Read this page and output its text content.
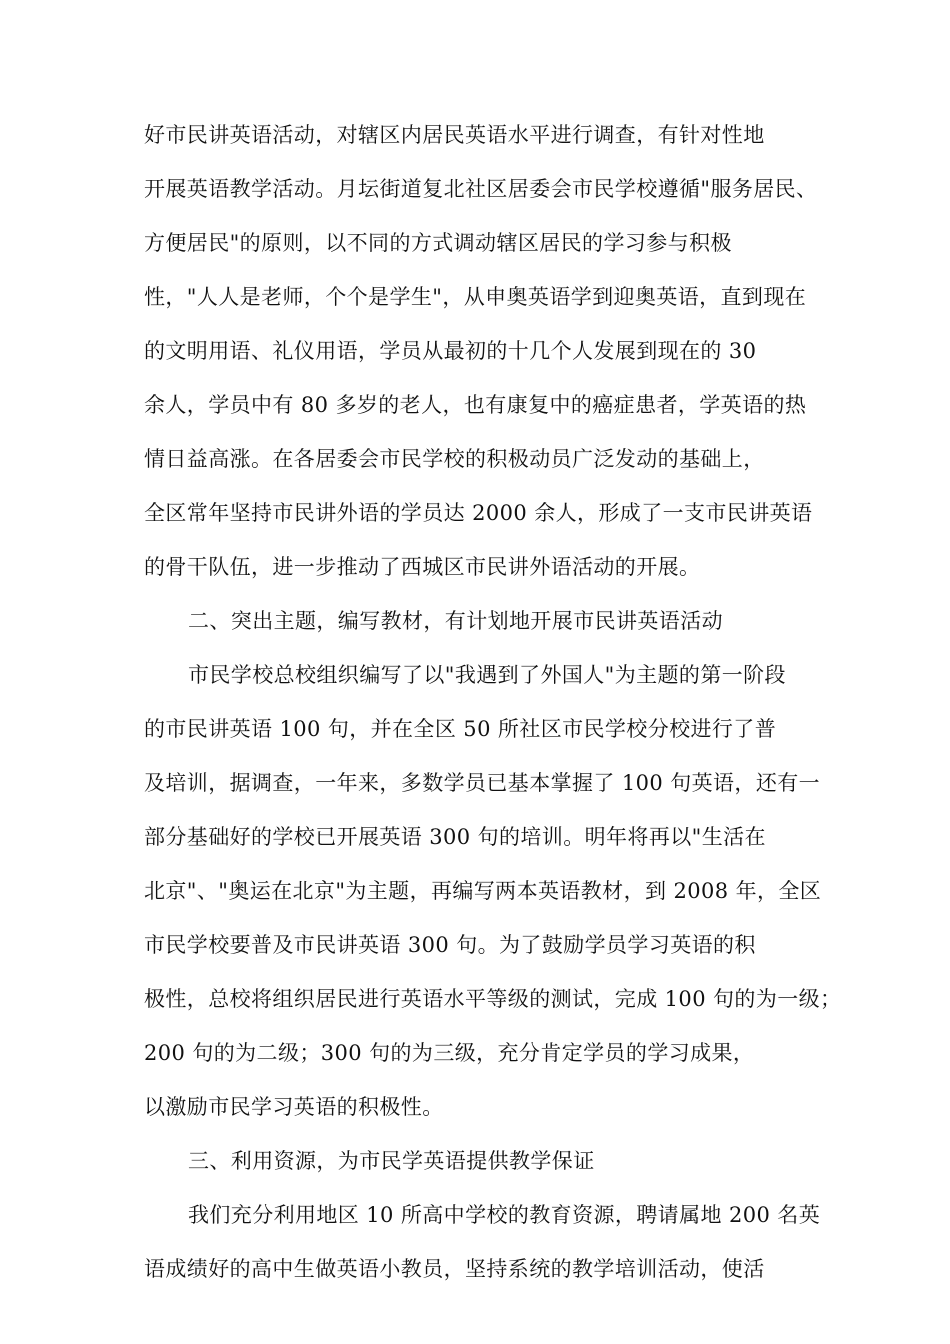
好市民讲英语活动，对辖区内居民英语水平进行调查，有针对性地
开展英语教学活动。月坛街道复北社区居委会市民学校遵循"服务居民、
方便居民"的原则，以不同的方式调动辖区居民的学习参与积极
性，"人人是老师，个个是学生"，从申奥英语学到迎奥英语，直到现在
的文明用语、礼仪用语，学员从最初的十几个人发展到现在的 30
余人，学员中有 80 多岁的老人，也有康复中的癌症患者，学英语的热
情日益高涨。在各居委会市民学校的积极动员广泛发动的基础上，
全区常年坚持市民讲外语的学员达 2000 余人，形成了一支市民讲英语
的骨干队伍，进一步推动了西城区市民讲外语活动的开展。
二、突出主题，编写教材，有计划地开展市民讲英语活动
市民学校总校组织编写了以"我遇到了外国人"为主题的第一阶段
的市民讲英语 100 句，并在全区 50 所社区市民学校分校进行了普
及培训，据调查，一年来，多数学员已基本掌握了 100 句英语，还有一
部分基础好的学校已开展英语 300 句的培训。明年将再以"生活在
北京"、"奥运在北京"为主题，再编写两本英语教材，到 2008 年，全区
市民学校要普及市民讲英语 300 句。为了鼓励学员学习英语的积
极性，总校将组织居民进行英语水平等级的测试，完成 100 句的为一级；
200 句的为二级；300 句的为三级，充分肯定学员的学习成果，
以激励市民学习英语的积极性。
三、利用资源，为市民学英语提供教学保证
我们充分利用地区 10 所高中学校的教育资源，聘请属地 200 名英
语成绩好的高中生做英语小教员，坚持系统的教学培训活动，使活
